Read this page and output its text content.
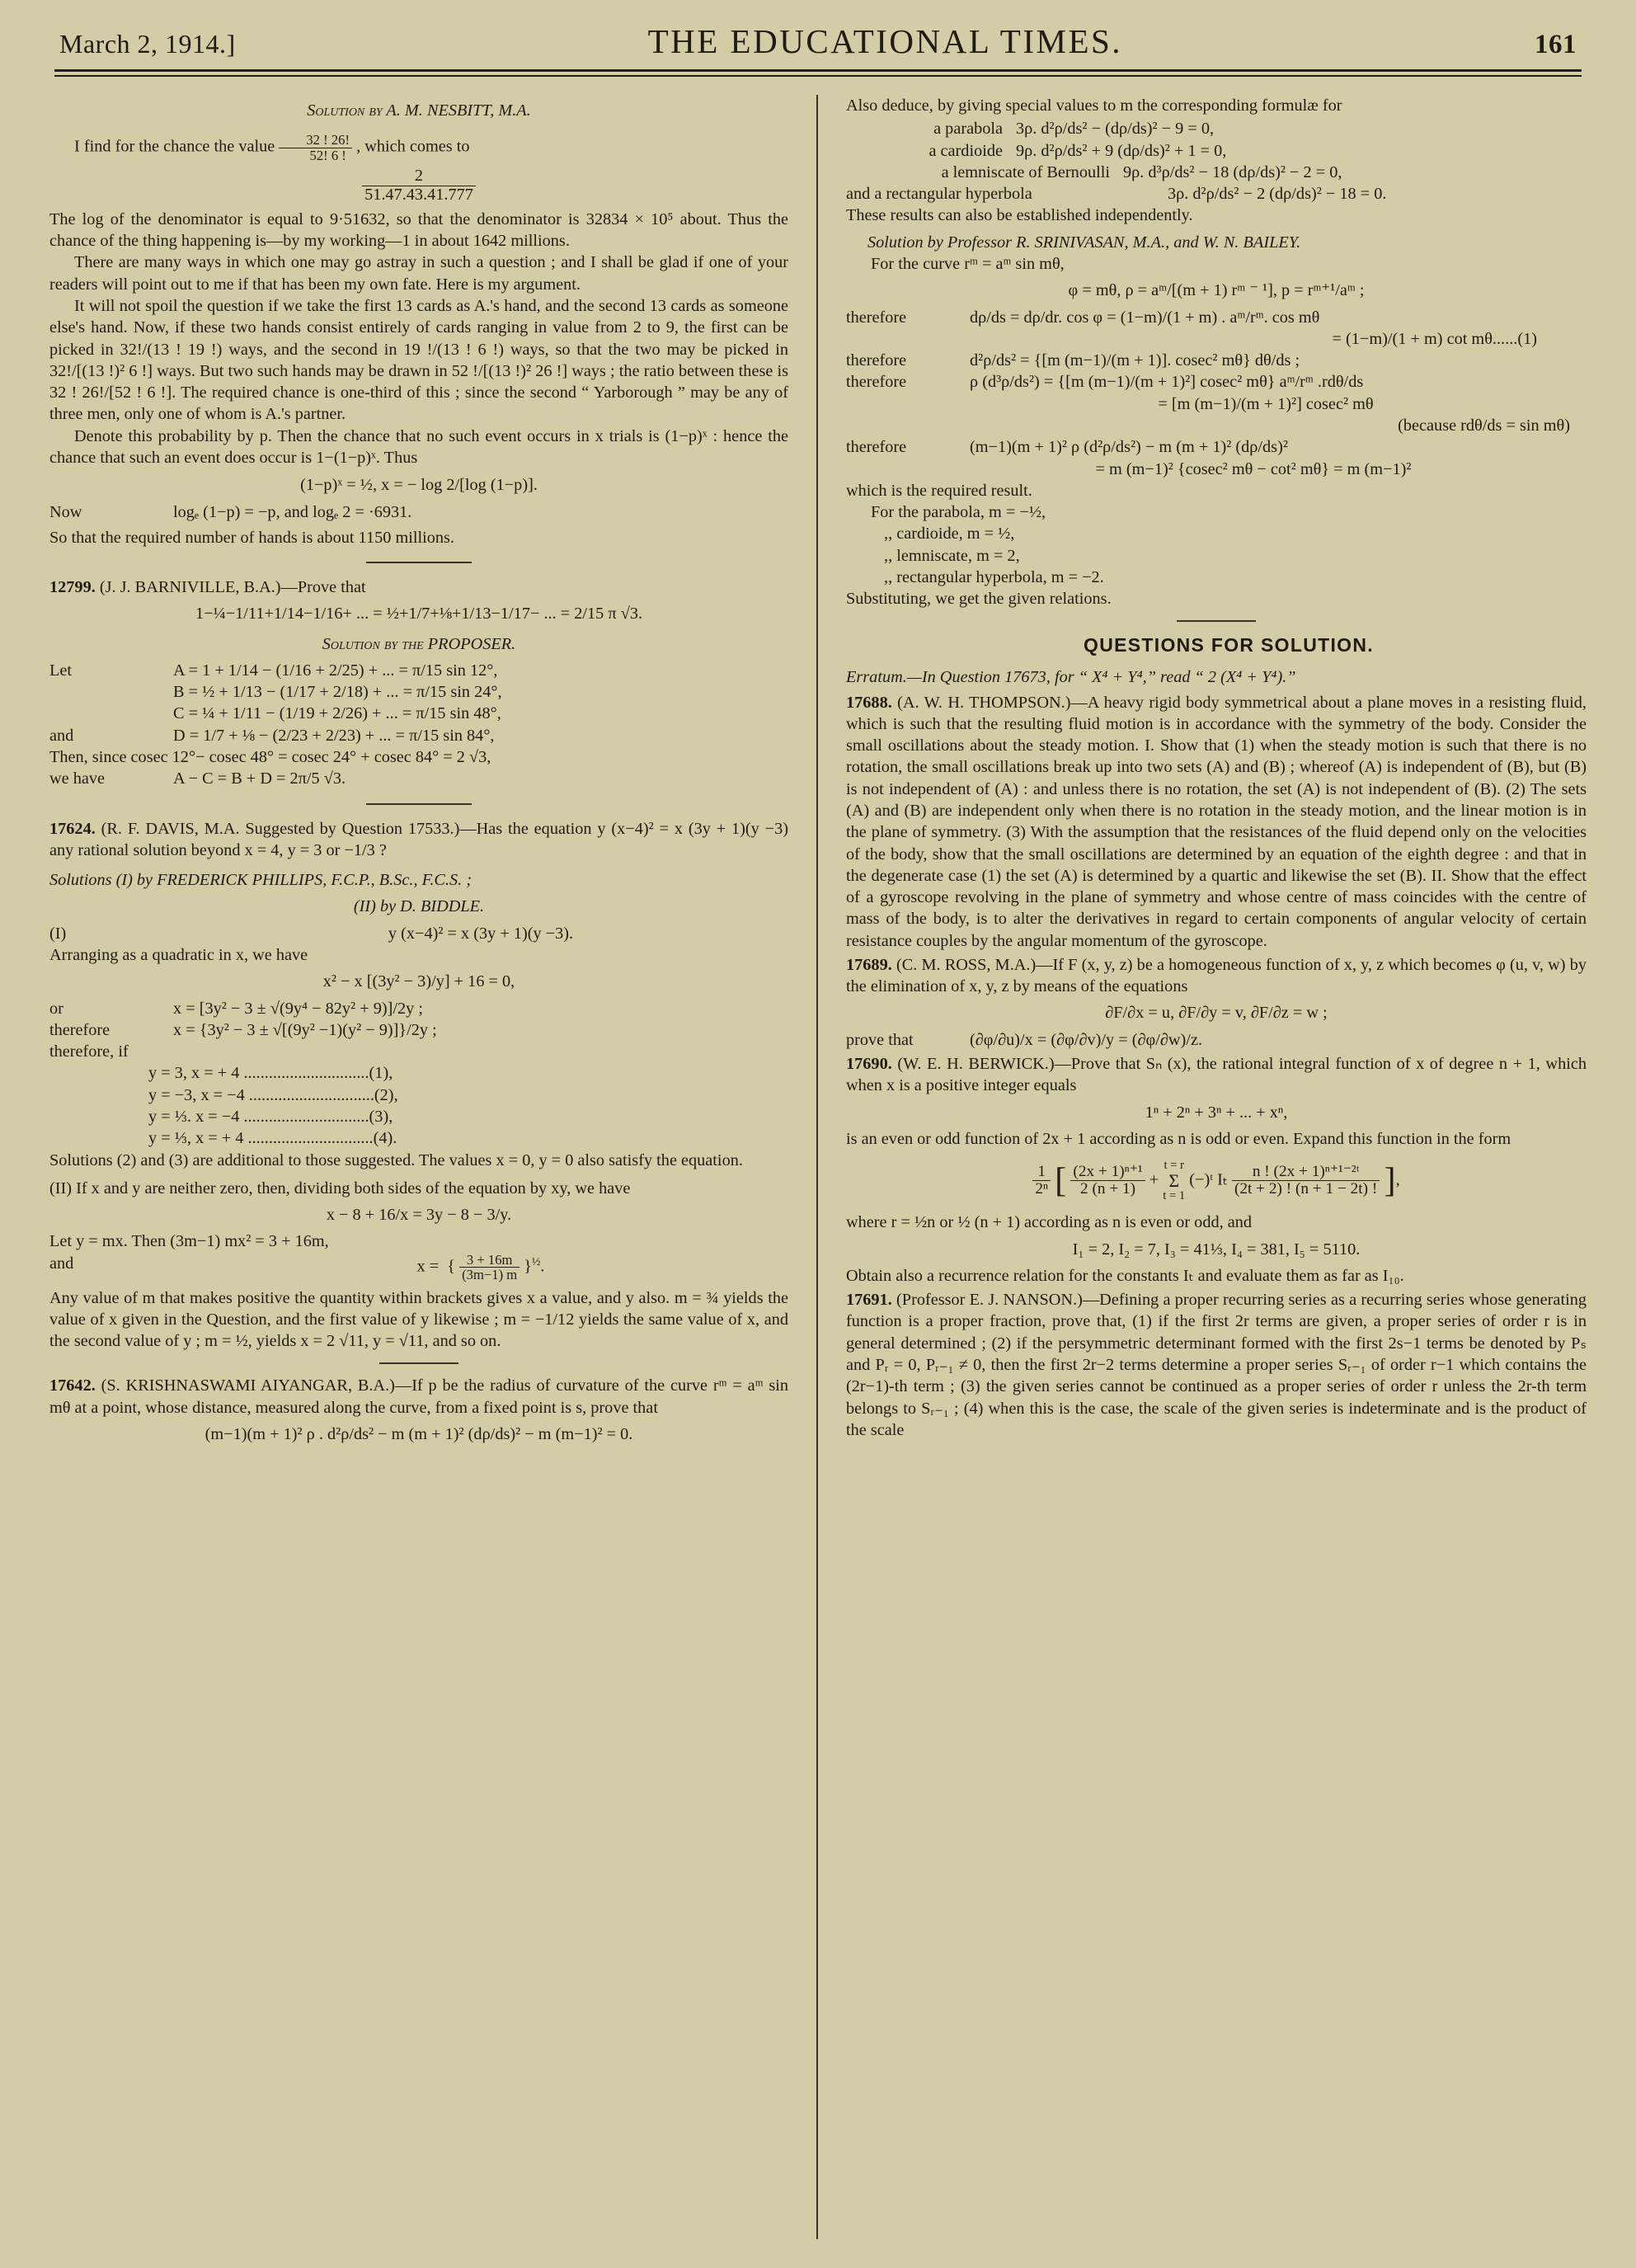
March 2, 1914.]	THE EDUCATIONAL TIMES.	161

Solution by A. M. NESBITT, M.A.

I find for the chance the value $\frac{32 ! 26!}{52! 6 !}$ , which comes to

$\frac{2}{51.47.43.41.777}$

The log of the denominator is equal to 9·51632, so that the denominator is 32834 × 10⁵ about. Thus the chance of the thing happening is—by my working—1 in about 1642 millions.

There are many ways in which one may go astray in such a question ; and I shall be glad if one of your readers will point out to me if that has been my own fate. Here is my argument.

It will not spoil the question if we take the first 13 cards as A.'s hand, and the second 13 cards as someone else's hand. Now, if these two hands consist entirely of cards ranging in value from 2 to 9, the first can be picked in 32!/(13 ! 19 !) ways, and the second in 19 !/(13 ! 6 !) ways, so that the two may be picked in 32!/[(13 !)² 6 !] ways. But two such hands may be drawn in 52 !/[(13 !)² 26 !] ways ; the ratio between these is 32 ! 26!/[52 ! 6 !]. The required chance is one-third of this ; since the second “ Yarborough ” may be any of three men, only one of whom is A.'s partner.

Denote this probability by p. Then the chance that no such event occurs in x trials is (1−p)ˣ : hence the chance that such an event does occur is 1−(1−p)ˣ. Thus

(1−p)ˣ = ½, x = − log 2/[log (1−p)].

Now	logₑ (1−p) = −p, and logₑ 2 = ·6931.

So that the required number of hands is about 1150 millions.

12799. (J. J. BARNIVILLE, B.A.)—Prove that

1−¼−1/11+1/14−1/16+ ... = ½+1/7+⅛+1/13−1/17− ... = 2/15 π √3.

Solution by the PROPOSER.

Let	A = 1 + 1/14 − (1/16 + 2/25) + ... = π/15 sin 12°,
B = ½ + 1/13 − (1/17 + 2/18) + ... = π/15 sin 24°,
C = ¼ + 1/11 − (1/19 + 2/26) + ... = π/15 sin 48°,
and	D = 1/7 + ⅛ − (2/23 + 2/23) + ... = π/15 sin 84°,

Then, since cosec 12°− cosec 48° = cosec 24° + cosec 84° = 2 √3,

we have	A − C = B + D = 2π/5 √3.

17624. (R. F. DAVIS, M.A. Suggested by Question 17533.)—Has the equation y (x−4)² = x (3y + 1)(y −3) any rational solution beyond x = 4, y = 3 or −1/3 ?

Solutions (I) by FREDERICK PHILLIPS, F.C.P., B.Sc., F.C.S. ;

(II) by D. BIDDLE.

(I)	y (x−4)² = x (3y + 1)(y −3).

Arranging as a quadratic in x, we have

x² − x [(3y² − 3)/y] + 16 = 0,

or	x = [3y² − 3 ± √(9y⁴ − 82y² + 9)]/2y ;
therefore	x = {3y² − 3 ± √[(9y² −1)(y² − 9)]}/2y ;
therefore, if

y = 3, x = + 4 ..............................(1),

y = −3, x = −4 ..............................(2),

y = ⅓. x = −4 ..............................(3),

y = ⅓, x = + 4 ..............................(4).

Solutions (2) and (3) are additional to those suggested. The values x = 0, y = 0 also satisfy the equation.

(II) If x and y are neither zero, then, dividing both sides of the equation by xy, we have

x − 8 + 16/x = 3y − 8 − 3/y.

Let y = mx. Then (3m−1) mx² = 3 + 16m,

and	x =  { $\frac{3 + 16m}{(3m-1) m} \}^{\frac{1}{2}}$.

Any value of m that makes positive the quantity within brackets gives x a value, and y also. m = ¾ yields the value of x given in the Question, and the first value of y likewise ; m = −1/12 yields the same value of x, and the second value of y ; m = ½, yields x = 2 √11, y = √11, and so on.

17642. (S. KRISHNASWAMI AIYANGAR, B.A.)—If p be the radius of curvature of the curve rᵐ = aᵐ sin mθ at a point, whose distance, measured along the curve, from a fixed point is s, prove that

(m−1)(m + 1)² ρ . d²ρ/ds² − m (m + 1)² (dρ/ds)² − m (m−1)² = 0.

Also deduce, by giving special values to m the corresponding formulæ for

a parabola 3ρ. d²ρ/ds² − (dρ/ds)² − 9 = 0,
a cardioide 9ρ. d²ρ/ds² + 9 (dρ/ds)² + 1 = 0,
a lemniscate of Bernoulli 9ρ. d³ρ/ds² − 18 (dρ/ds)² − 2 = 0,
and a rectangular hyperbola	3ρ. d²ρ/ds² − 2 (dρ/ds)² − 18 = 0.

These results can also be established independently.

Solution by Professor R. SRINIVASAN, M.A., and W. N. BAILEY.

For the curve rᵐ = aᵐ sin mθ,

φ = mθ, ρ = aᵐ/[(m + 1) rᵐ ⁻ ¹], p = rᵐ⁺¹/aᵐ ;

therefore	dρ/ds = dρ/dr. cos φ = (1−m)/(1 + m) . aᵐ/rᵐ. cos mθ

= (1−m)/(1 + m) cot mθ......(1)

therefore	d²ρ/ds² = {[m (m−1)/(m + 1)]. cosec² mθ} dθ/ds ;
therefore	ρ (d³ρ/ds²) = {[m (m−1)/(m + 1)²] cosec² mθ} aᵐ/rᵐ .rdθ/ds

= [m (m−1)/(m + 1)²] cosec² mθ

(because rdθ/ds = sin mθ)

therefore	(m−1)(m + 1)² ρ (d²ρ/ds²) − m (m + 1)² (dρ/ds)²

= m (m−1)² {cosec² mθ − cot² mθ} = m (m−1)²

which is the required result.

For the parabola, m = −½,

,, cardioide, m = ½,

,, lemniscate, m = 2,

,, rectangular hyperbola, m = −2.

Substituting, we get the given relations.

QUESTIONS FOR SOLUTION.

Erratum.—In Question 17673, for “ X⁴ + Y⁴,” read “ 2 (X⁴ + Y⁴).”

17688. (A. W. H. THOMPSON.)—A heavy rigid body symmetrical about a plane moves in a resisting fluid, which is such that the resulting fluid motion is in accordance with the symmetry of the body. Consider the small oscillations about the steady motion. I. Show that (1) when the steady motion is such that there is no rotation, the small oscillations break up into two sets (A) and (B) ; whereof (A) is independent of (B), but (B) is not independent of (A) : and unless there is no rotation, the set (A) is not independent of (B). (2) The sets (A) and (B) are independent only when there is no rotation in the steady motion, and the linear motion is in the plane of symmetry. (3) With the assumption that the resistances of the fluid depend only on the velocities of the body, show that the small oscillations are determined by an equation of the eighth degree : and that in the degenerate case (1) the set (A) is determined by a quartic and likewise the set (B). II. Show that the effect of a gyroscope revolving in the plane of symmetry and whose centre of mass coincides with the centre of mass of the body, is to alter the derivatives in regard to certain components of angular velocity of certain resistance couples by the angular momentum of the gyroscope.

17689. (C. M. ROSS, M.A.)—If F (x, y, z) be a homogeneous function of x, y, z which becomes φ (u, v, w) by the elimination of x, y, z by means of the equations

∂F/∂x = u, ∂F/∂y = v, ∂F/∂z = w ;

prove that	(∂φ/∂u)/x = (∂φ/∂v)/y = (∂φ/∂w)/z.

17690. (W. E. H. BERWICK.)—Prove that Sₙ (x), the rational integral function of x of degree n + 1, which when x is a positive integer equals

1ⁿ + 2ⁿ + 3ⁿ + ... + xⁿ,

is an even or odd function of 2x + 1 according as n is odd or even. Expand this function in the form

$\frac{1}{\text{2ⁿ}}$ [ $\frac{\text{(2x + 1)ⁿ⁺¹}}{2 (n + 1)}$ +
t = r
Σ
t = 1
(−)ᵗ Iₜ $\frac{\text{n ! (2x + 1)ⁿ⁺¹⁻²ᵗ}}{(2t + 2) ! (n + 1 - 2t) !}$ ],

where r = ½n or ½ (n + 1) according as n is even or odd, and

I₁ = 2, I₂ = 7, I₃ = 41⅓, I₄ = 381, I₅ = 5110.

Obtain also a recurrence relation for the constants Iₜ and evaluate them as far as I₁₀.

17691. (Professor E. J. NANSON.)—Defining a proper recurring series as a recurring series whose generating function is a proper fraction, prove that, (1) if the first 2r terms are given, a proper series of order r is in general determined ; (2) if the persymmetric determinant formed with the first 2s−1 terms be denoted by Pₛ and Pᵣ = 0, Pᵣ₋₁ ≠ 0, then the first 2r−2 terms determine a proper series Sᵣ₋₁ of order r−1 which contains the (2r−1)-th term ; (3) the given series cannot be continued as a proper series of order r unless the 2r-th term belongs to Sᵣ₋₁ ; (4) when this is the case, the scale of the given series is indeterminate and is the product of the scale
